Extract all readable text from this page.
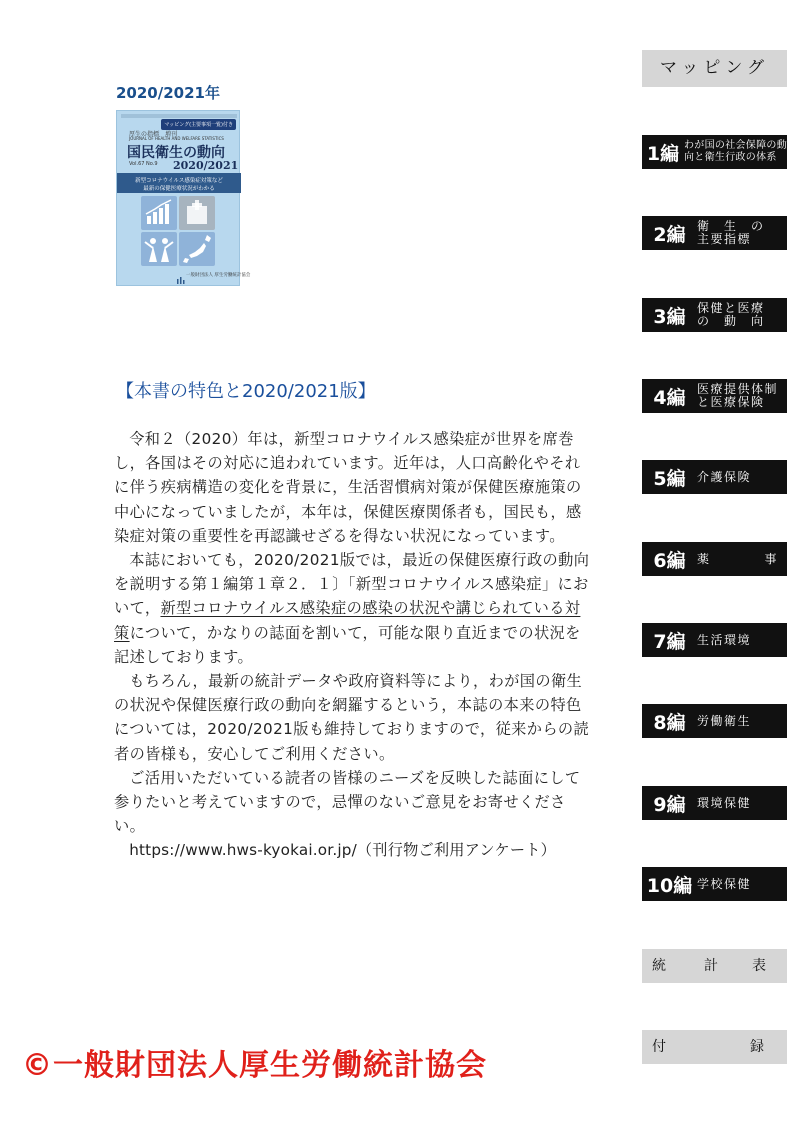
2020/2021年
マッピング(主要事項一覧)付き
厚生の指標　増刊
JOURNAL OF HEALTH AND WELFARE STATISTICS
国民衛生の動向
Vol.67 No.9 2020/2021
新型コロナウイルス感染症対策など
最新の保健医療状況がわかる
一般財団法人 厚生労働統計協会
【本書の特色と2020/2021版】

令和２（2020）年は，新型コロナウイルス感染症が世界を席巻し，各国はその対応に追われています。近年は，人口高齢化やそれに伴う疾病構造の変化を背景に，生活習慣病対策が保健医療施策の中心になっていましたが，本年は，保健医療関係者も，国民も，感染症対策の重要性を再認識せざるを得ない状況になっています。

本誌においても，2020/2021版では，最近の保健医療行政の動向を説明する第１編第１章２．１〕「新型コロナウイルス感染症」において，新型コロナウイルス感染症の感染の状況や講じられている対策について，かなりの誌面を割いて，可能な限り直近までの状況を記述しております。

もちろん，最新の統計データや政府資料等により，わが国の衛生の状況や保健医療行政の動向を網羅するという，本誌の本来の特色については，2020/2021版も維持しておりますので，従来からの読者の皆様も，安心してご利用ください。

ご活用いただいている読者の皆様のニーズを反映した誌面にして参りたいと考えていますので，忌憚のないご意見をお寄せください。

https://www.hws-kyokai.or.jp/（刊行物ご利用アンケート）

©一般財団法人厚生労働統計協会
マッピング
1編 わが国の社会保障の動
向と衛生行政の体系
2編 衛　生　の
主要指標
3編 保健と医療
の　動　向
4編 医療提供体制
と医療保険
5編 介護保険
6編 薬　　　　事
7編 生活環境
8編 労働衛生
9編 環境保健
10編 学校保健
統	計 表
付	録
